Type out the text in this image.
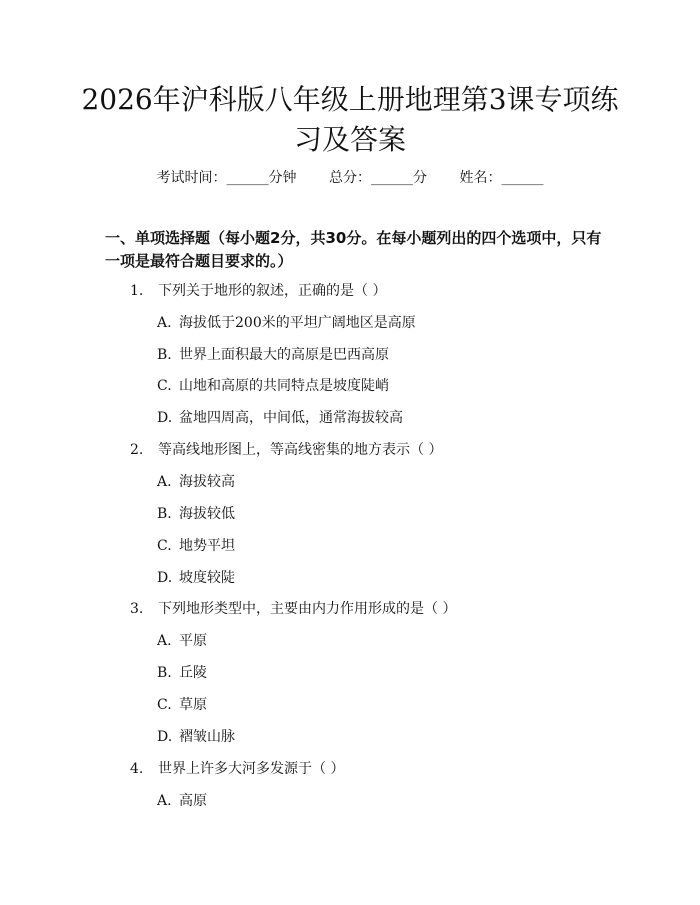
2026年沪科版八年级上册地理第3课专项练习及答案
考试时间：______分钟 总分：______分 姓名：______
一、单项选择题（每小题2分，共30分。在每小题列出的四个选项中，只有一项是最符合题目要求的。）
1. 下列关于地形的叙述，正确的是（ ）
A. 海拔低于200米的平坦广阔地区是高原
B. 世界上面积最大的高原是巴西高原
C. 山地和高原的共同特点是坡度陡峭
D. 盆地四周高，中间低，通常海拔较高
2. 等高线地形图上，等高线密集的地方表示（ ）
A. 海拔较高
B. 海拔较低
C. 地势平坦
D. 坡度较陡
3. 下列地形类型中，主要由内力作用形成的是（ ）
A. 平原
B. 丘陵
C. 草原
D. 褶皱山脉
4. 世界上许多大河多发源于（ ）
A. 高原
